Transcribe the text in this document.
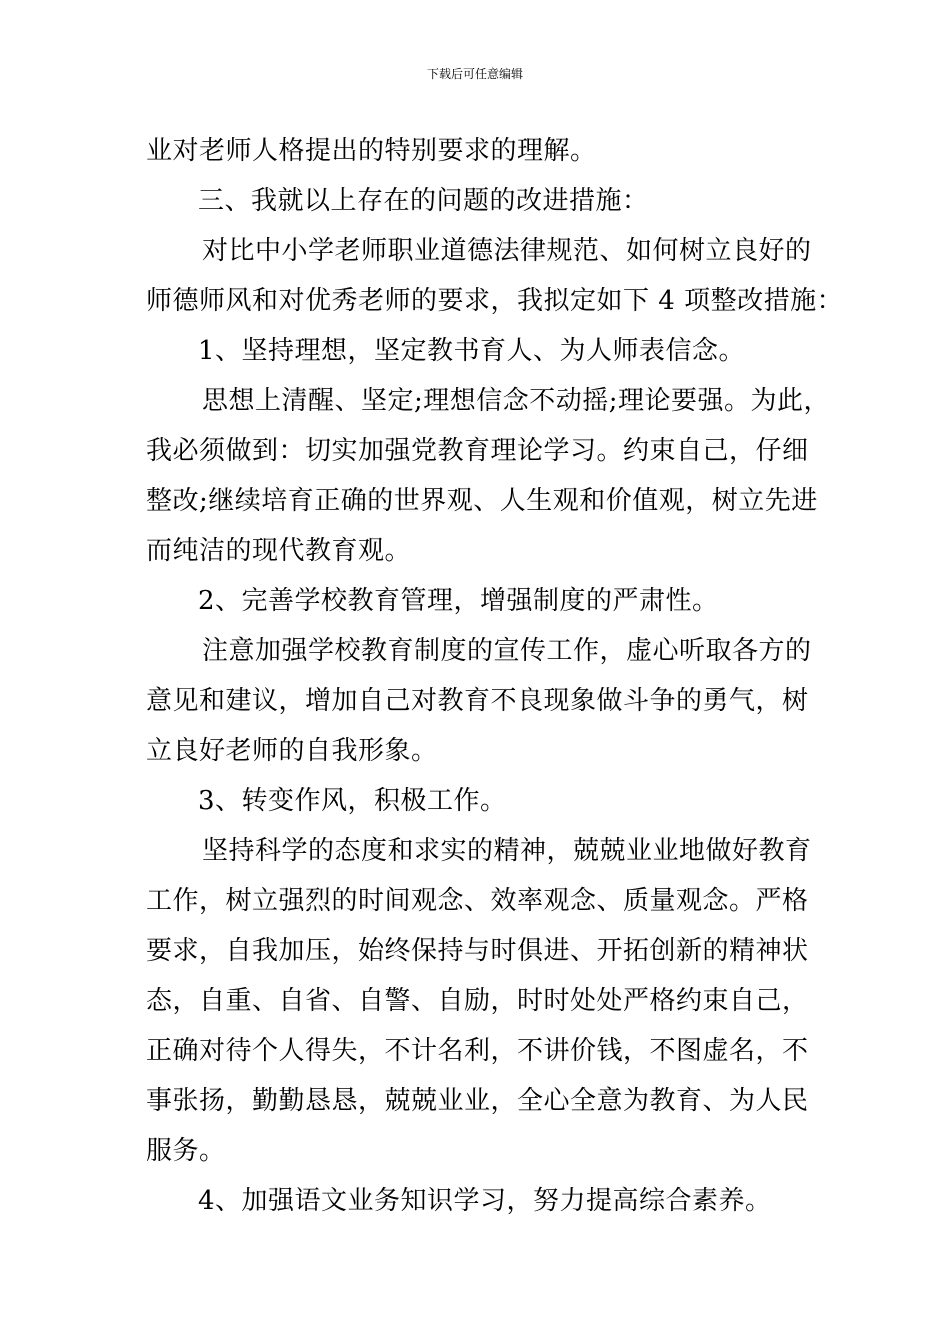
下载后可任意编辑
业对老师人格提出的特别要求的理解。
三、我就以上存在的问题的改进措施：
对比中小学老师职业道德法律规范、如何树立良好的
师德师风和对优秀老师的要求，我拟定如下 4 项整改措施：
1、坚持理想，坚定教书育人、为人师表信念。
思想上清醒、坚定;理想信念不动摇;理论要强。为此，
我必须做到：切实加强党教育理论学习。约束自己，仔细
整改;继续培育正确的世界观、人生观和价值观，树立先进
而纯洁的现代教育观。
2、完善学校教育管理，增强制度的严肃性。
注意加强学校教育制度的宣传工作，虚心听取各方的
意见和建议，增加自己对教育不良现象做斗争的勇气，树
立良好老师的自我形象。
3、转变作风，积极工作。
坚持科学的态度和求实的精神，兢兢业业地做好教育
工作，树立强烈的时间观念、效率观念、质量观念。严格
要求，自我加压，始终保持与时俱进、开拓创新的精神状
态，自重、自省、自警、自励，时时处处严格约束自己，
正确对待个人得失，不计名利，不讲价钱，不图虚名，不
事张扬，勤勤恳恳，兢兢业业，全心全意为教育、为人民
服务。
4、加强语文业务知识学习，努力提高综合素养。
